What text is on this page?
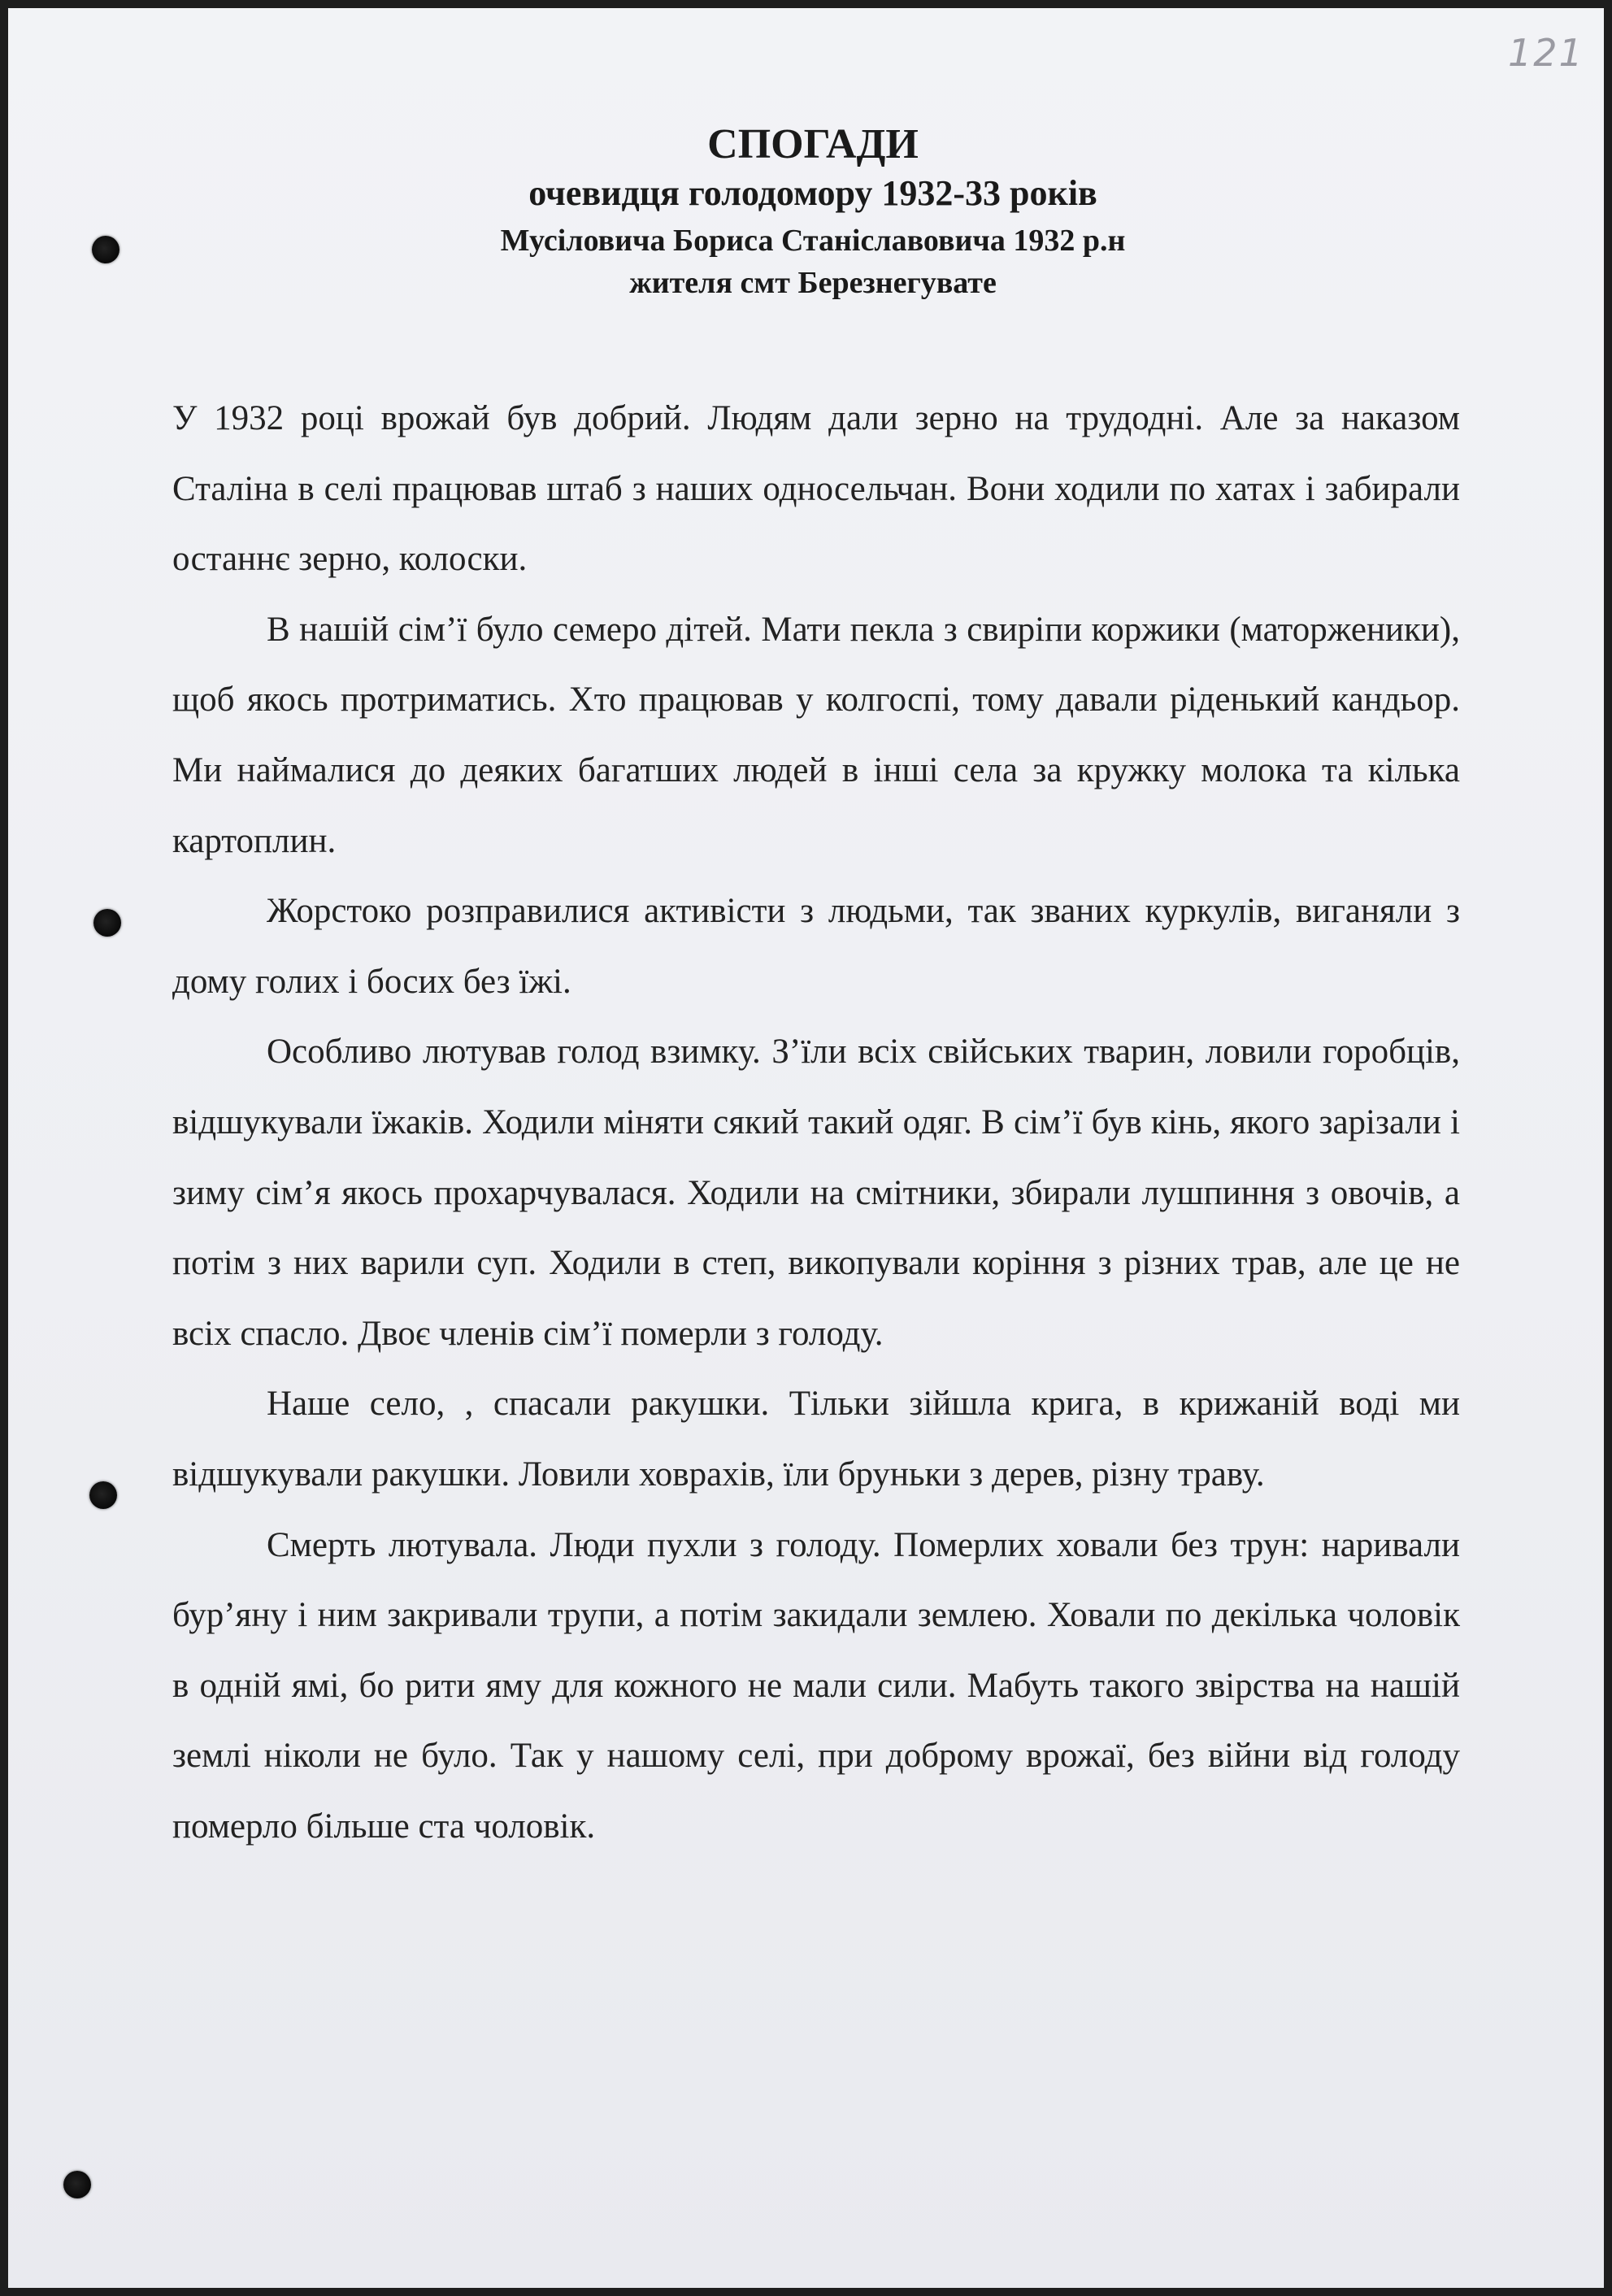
121
СПОГАДИ
очевидця голодомору 1932-33 років
Мусіловича Бориса Станіславовича 1932 р.н
жителя смт Березнегувате

У 1932 році врожай був добрий. Людям дали зерно на трудодні. Але за наказом Сталіна в селі працював штаб з наших односельчан. Вони ходили по хатах і забирали останнє зерно, колоски.

В нашій сім’ї було семеро дітей. Мати пекла з свиріпи коржики (маторженики), щоб якось протриматись. Хто працював у колгоспі, тому давали ріденький кандьор. Ми наймалися до деяких багатших людей в інші села за кружку молока та кілька картоплин.

Жорстоко розправилися активісти з людьми, так званих куркулів, виганяли з дому голих і босих без їжі.

Особливо лютував голод взимку. З’їли всіх свійських тварин, ловили горобців, відшукували їжаків. Ходили міняти сякий такий одяг. В сім’ї був кінь, якого зарізали і зиму сім’я якось прохарчувалася. Ходили на смітники, збирали лушпиння з овочів, а потім з них варили суп. Ходили в степ, викопували коріння з різних трав, але це не всіх спасло. Двоє членів сім’ї померли з голоду.

Наше село, , спасали ракушки. Тільки зійшла крига, в крижаній воді ми відшукували ракушки. Ловили ховрахів, їли бруньки з дерев, різну траву.

Смерть лютувала. Люди пухли з голоду. Померлих ховали без трун: наривали бур’яну і ним закривали трупи, а потім закидали землею. Ховали по декілька чоловік в одній ямі, бо рити яму для кожного не мали сили. Мабуть такого звірства на нашій землі ніколи не було. Так у нашому селі, при доброму врожаї, без війни від голоду померло більше ста чоловік.
